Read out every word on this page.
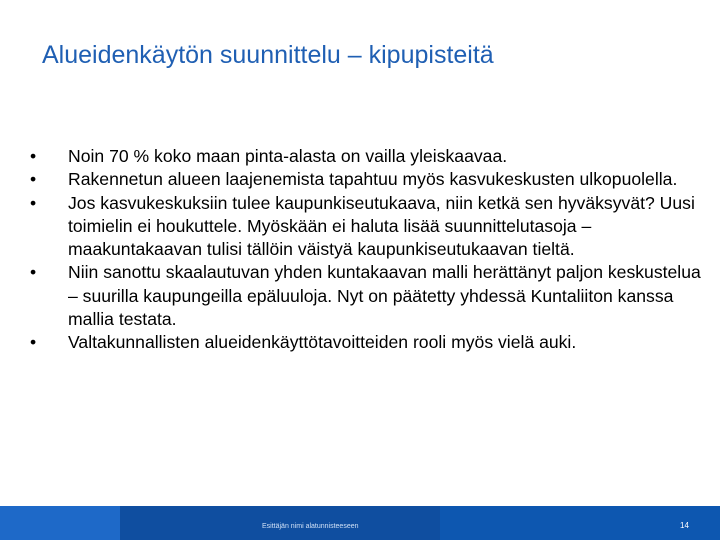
Alueidenkäytön suunnittelu – kipupisteitä
•	Noin 70 % koko maan pinta-alasta on vailla yleiskaavaa.
•	Rakennetun alueen laajenemista tapahtuu myös kasvukeskusten ulkopuolella.
•	Jos kasvukeskuksiin tulee kaupunkiseutukaava, niin ketkä sen hyväksyvät? Uusi toimielin ei houkuttele. Myöskään ei haluta lisää suunnittelutasoja – maakuntakaavan tulisi tällöin väistyä kaupunkiseutukaavan tieltä.
•	Niin sanottu skaalautuvan yhden kuntakaavan malli herättänyt paljon keskustelua – suurilla kaupungeilla epäluuloja. Nyt on päätetty yhdessä Kuntaliiton kanssa mallia testata.
•	Valtakunnallisten alueidenkäyttötavoitteiden rooli myös vielä auki.
Esittäjän nimi alatunnisteeseen	14
